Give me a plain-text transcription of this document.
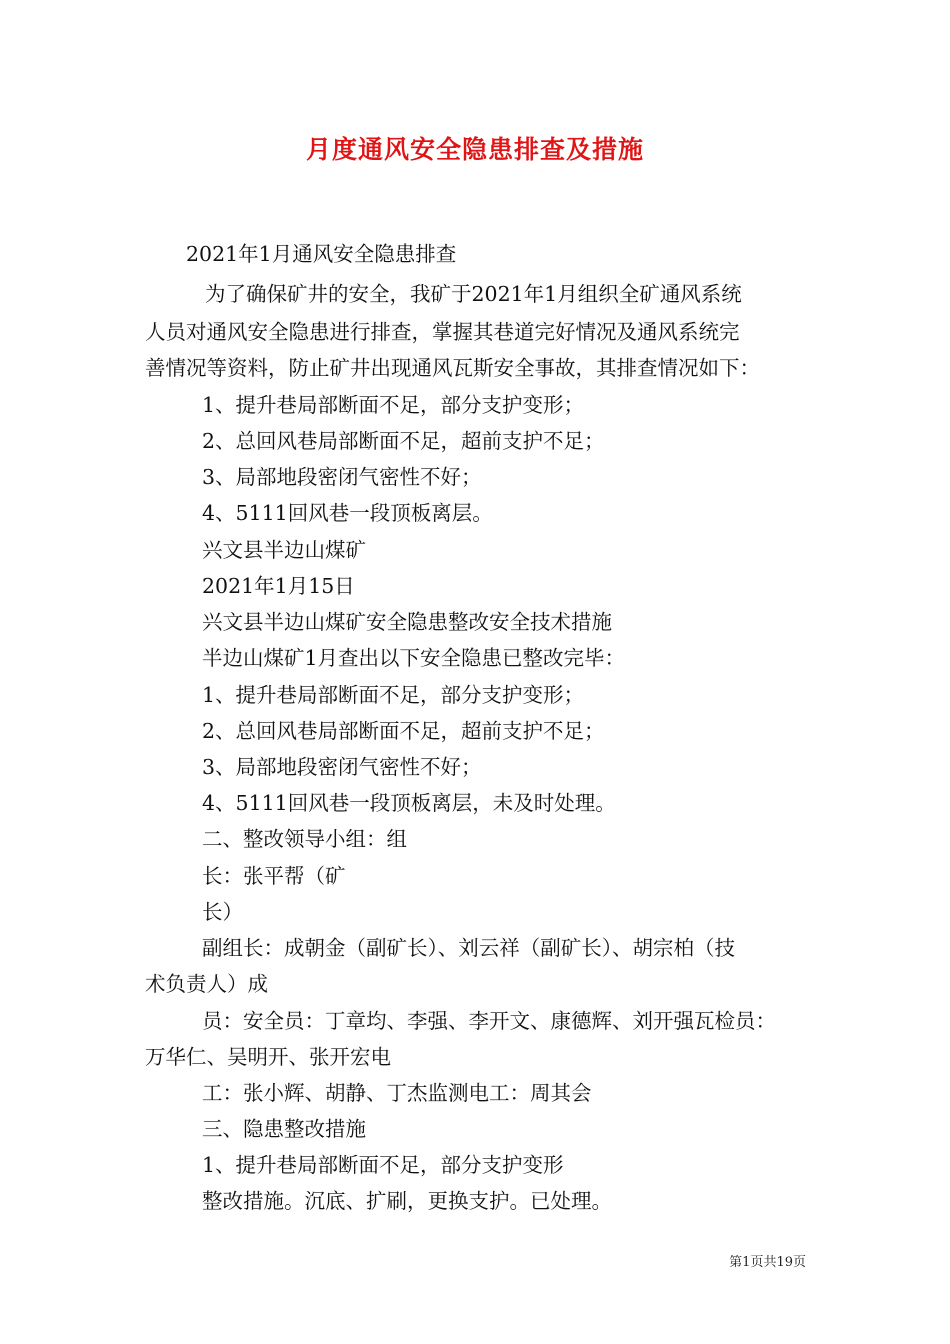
月度通风安全隐患排查及措施
2021年1月通风安全隐患排查
为了确保矿井的安全，我矿于2021年1月组织全矿通风系统
人员对通风安全隐患进行排查，掌握其巷道完好情况及通风系统完
善情况等资料，防止矿井出现通风瓦斯安全事故，其排查情况如下：
1、提升巷局部断面不足，部分支护变形；
2、总回风巷局部断面不足，超前支护不足；
3、局部地段密闭气密性不好；
4、5111回风巷一段顶板离层。
兴文县半边山煤矿
2021年1月15日
兴文县半边山煤矿安全隐患整改安全技术措施
半边山煤矿1月查出以下安全隐患已整改完毕：
1、提升巷局部断面不足，部分支护变形；
2、总回风巷局部断面不足，超前支护不足；
3、局部地段密闭气密性不好；
4、5111回风巷一段顶板离层，未及时处理。
二、整改领导小组：组
长：张平帮（矿
长）
副组长：成朝金（副矿长）、刘云祥（副矿长）、胡宗柏（技
术负责人）成
员：安全员：丁章均、李强、李开文、康德辉、刘开强瓦检员：
万华仁、吴明开、张开宏电
工：张小辉、胡静、丁杰监测电工：周其会
三、隐患整改措施
1、提升巷局部断面不足，部分支护变形
整改措施。沉底、扩刷，更换支护。已处理。
第1页共19页
